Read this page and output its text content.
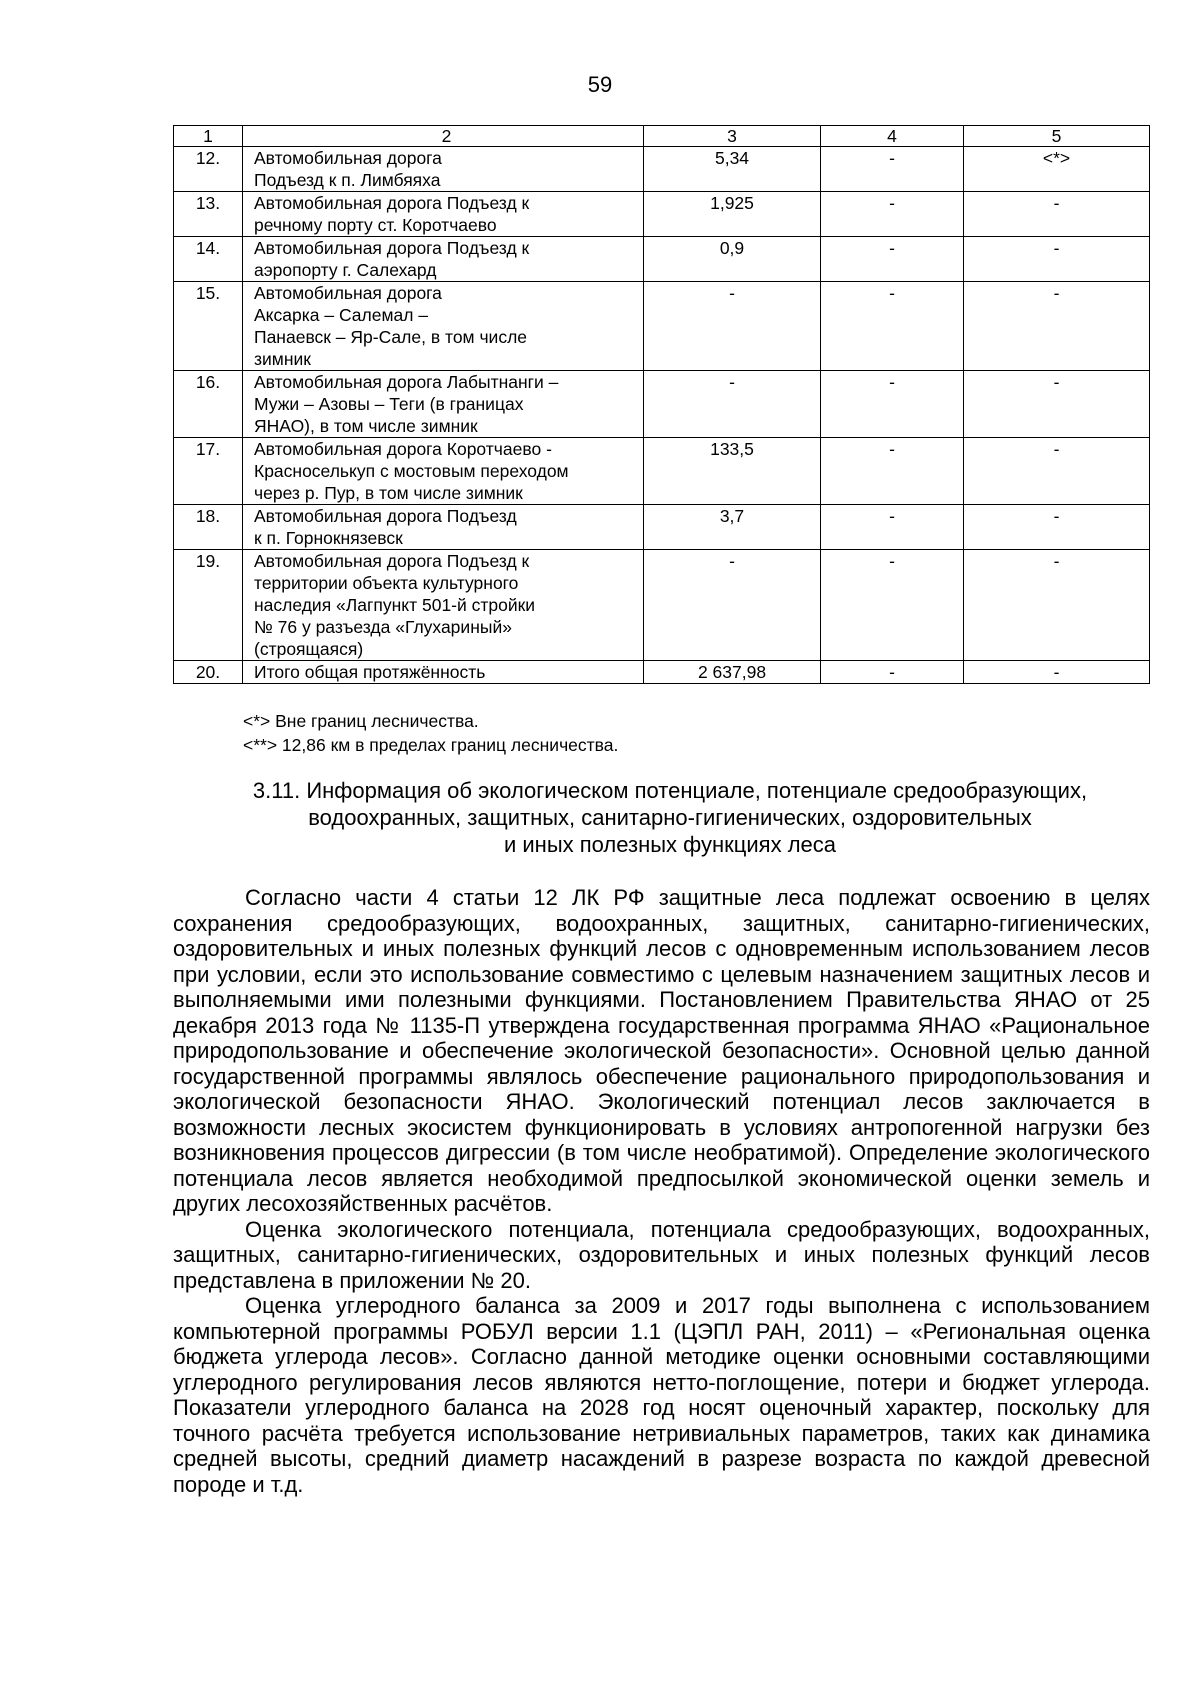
59
1	2	3	4	5
12.	Автомобильная дорога
Подъезд к п. Лимбяяха	5,34	-	<*>
13.	Автомобильная дорога Подъезд к
речному порту ст. Коротчаево	1,925	-	-
14.	Автомобильная дорога Подъезд к
аэропорту г. Салехард	0,9	-	-
15.	Автомобильная дорога
Аксарка – Салемал –
Панаевск – Яр-Сале, в том числе
зимник	-	-	-
16.	Автомобильная дорога Лабытнанги –
Мужи – Азовы – Теги (в границах
ЯНАО), в том числе зимник	-	-	-
17.	Автомобильная дорога Коротчаево -
Красноселькуп с мостовым переходом
через р. Пур, в том числе зимник	133,5	-	-
18.	Автомобильная дорога Подъезд
к п. Горнокнязевск	3,7	-	-
19.	Автомобильная дорога Подъезд к
территории объекта культурного
наследия «Лагпункт 501-й стройки
№ 76 у разъезда «Глухариный»
(строящаяся)	-	-	-
20.	Итого общая протяжённость	2 637,98	-	-
<*> Вне границ лесничества.
<**> 12,86 км в пределах границ лесничества.
3.11. Информация об экологическом потенциале, потенциале средообразующих,
водоохранных, защитных, санитарно-гигиенических, оздоровительных
и иных полезных функциях леса

Согласно части 4 статьи 12 ЛК РФ защитные леса подлежат освоению в целях сохранения средообразующих, водоохранных, защитных, санитарно-гигиенических, оздоровительных и иных полезных функций лесов с одновременным использованием лесов при условии, если это использование совместимо с целевым назначением защитных лесов и выполняемыми ими полезными функциями. Постановлением Правительства ЯНАО от 25 декабря 2013 года № 1135-П утверждена государственная программа ЯНАО «Рациональное природопользование и обеспечение экологической безопасности». Основной целью данной государственной программы являлось обеспечение рационального природопользования и экологической безопасности ЯНАО. Экологический потенциал лесов заключается в возможности лесных экосистем функционировать в условиях антропогенной нагрузки без возникновения процессов дигрессии (в том числе необратимой). Определение экологического потенциала лесов является необходимой предпосылкой экономической оценки земель и других лесохозяйственных расчётов.

Оценка экологического потенциала, потенциала средообразующих, водоохранных, защитных, санитарно-гигиенических, оздоровительных и иных полезных функций лесов представлена в приложении № 20.

Оценка углеродного баланса за 2009 и 2017 годы выполнена с использованием компьютерной программы РОБУЛ версии 1.1 (ЦЭПЛ РАН, 2011) – «Региональная оценка бюджета углерода лесов». Согласно данной методике оценки основными составляющими углеродного регулирования лесов являются нетто-поглощение, потери и бюджет углерода. Показатели углеродного баланса на 2028 год носят оценочный характер, поскольку для точного расчёта требуется использование нетривиальных параметров, таких как динамика средней высоты, средний диаметр насаждений в разрезе возраста по каждой древесной породе и т.д.
